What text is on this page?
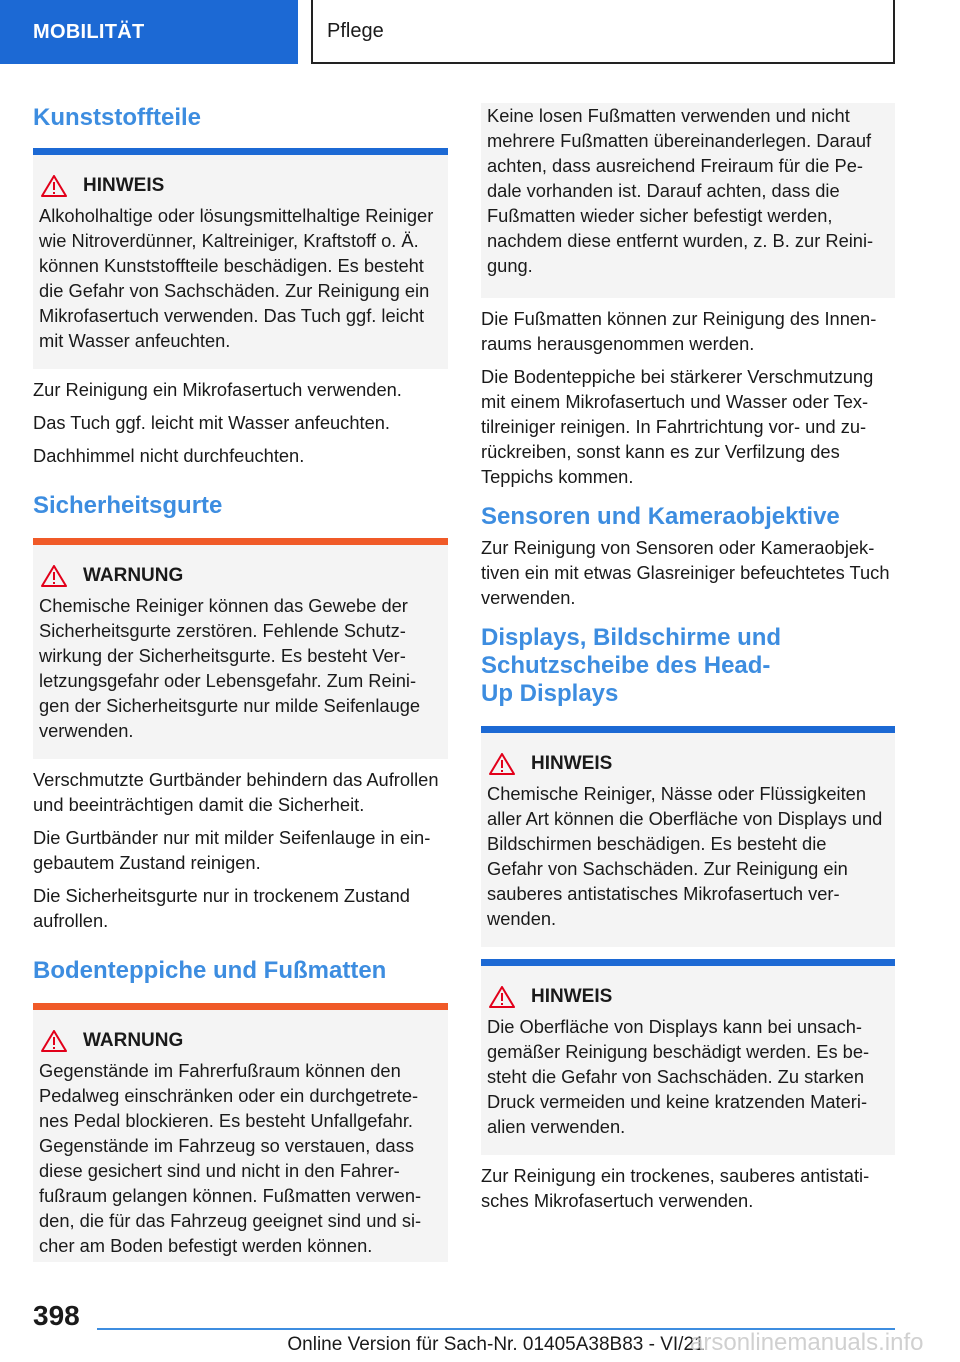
MOBILITÄT	Pflege
Kunststoffteile
HINWEIS

Alkoholhaltige oder lösungsmittelhaltige Reiniger wie Nitroverdünner, Kaltreiniger, Kraftstoff o. Ä. können Kunststoffteile beschädigen. Es besteht die Gefahr von Sachschäden. Zur Reinigung ein Mikrofasertuch verwenden. Das Tuch ggf. leicht mit Wasser anfeuchten.

Zur Reinigung ein Mikrofasertuch verwenden.

Das Tuch ggf. leicht mit Wasser anfeuchten.

Dachhimmel nicht durchfeuchten.

Sicherheitsgurte
WARNUNG

Chemische Reiniger können das Gewebe der Sicherheitsgurte zerstören. Fehlende Schutzwirkung der Sicherheitsgurte. Es besteht Verletzungsgefahr oder Lebensgefahr. Zum Reinigen der Sicherheitsgurte nur milde Seifenlauge verwenden.

Verschmutzte Gurtbänder behindern das Aufrollen und beeinträchtigen damit die Sicherheit.

Die Gurtbänder nur mit milder Seifenlauge in eingebautem Zustand reinigen.

Die Sicherheitsgurte nur in trockenem Zustand aufrollen.

Bodenteppiche und Fußmatten
WARNUNG

Gegenstände im Fahrerfußraum können den Pedalweg einschränken oder ein durchgetretenes Pedal blockieren. Es besteht Unfallgefahr. Gegenstände im Fahrzeug so verstauen, dass diese gesichert sind und nicht in den Fahrerfußraum gelangen können. Fußmatten verwenden, die für das Fahrzeug geeignet sind und sicher am Boden befestigt werden können.

Keine losen Fußmatten verwenden und nicht mehrere Fußmatten übereinanderlegen. Darauf achten, dass ausreichend Freiraum für die Pedale vorhanden ist. Darauf achten, dass die Fußmatten wieder sicher befestigt werden, nachdem diese entfernt wurden, z. B. zur Reinigung.

Die Fußmatten können zur Reinigung des Innenraums herausgenommen werden.

Die Bodenteppiche bei stärkerer Verschmutzung mit einem Mikrofasertuch und Wasser oder Textilreiniger reinigen. In Fahrtrichtung vor- und zurückreiben, sonst kann es zur Verfilzung des Teppichs kommen.

Sensoren und Kameraobjektive

Zur Reinigung von Sensoren oder Kameraobjektiven ein mit etwas Glasreiniger befeuchtetes Tuch verwenden.

Displays, Bildschirme und
Schutzscheibe des Head-
Up Displays
HINWEIS

Chemische Reiniger, Nässe oder Flüssigkeiten aller Art können die Oberfläche von Displays und Bildschirmen beschädigen. Es besteht die Gefahr von Sachschäden. Zur Reinigung ein sauberes antistatisches Mikrofasertuch verwenden.

HINWEIS

Die Oberfläche von Displays kann bei unsachgemäßer Reinigung beschädigt werden. Es besteht die Gefahr von Sachschäden. Zu starken Druck vermeiden und keine kratzenden Materialien verwenden.

Zur Reinigung ein trockenes, sauberes antistatisches Mikrofasertuch verwenden.

398
Online Version für Sach-Nr. 01405A38B83 - VI/21
arsonlinemanuals.info
